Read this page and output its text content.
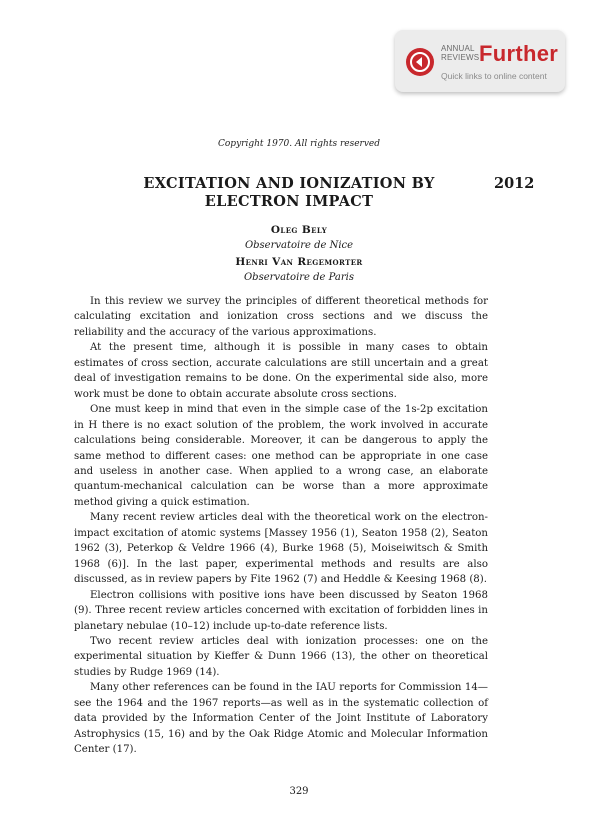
ANNUAL
REVIEWS Further
Quick links to online content
Copyright 1970. All rights reserved
EXCITATION AND IONIZATION BY
ELECTRON IMPACT
2012
Oleg Bely
Observatoire de Nice
Henri Van Regemorter
Observatoire de Paris

In this review we survey the principles of different theoretical methods for calculating excitation and ionization cross sections and we discuss the reliability and the accuracy of the various approximations.

At the present time, although it is possible in many cases to obtain estimates of cross section, accurate calculations are still uncertain and a great deal of investigation remains to be done. On the experimental side also, more work must be done to obtain accurate absolute cross sections.

One must keep in mind that even in the simple case of the 1s-2p excitation in H there is no exact solution of the problem, the work involved in accurate calculations being considerable. Moreover, it can be dangerous to apply the same method to different cases: one method can be appropriate in one case and useless in another case. When applied to a wrong case, an elaborate quantum-mechanical calculation can be worse than a more approximate method giving a quick estimation.

Many recent review articles deal with the theoretical work on the electron-impact excitation of atomic systems [Massey 1956 (1), Seaton 1958 (2), Seaton 1962 (3), Peterkop & Veldre 1966 (4), Burke 1968 (5), Moiseiwitsch & Smith 1968 (6)]. In the last paper, experimental methods and results are also discussed, as in review papers by Fite 1962 (7) and Heddle & Keesing 1968 (8).

Electron collisions with positive ions have been discussed by Seaton 1968 (9). Three recent review articles concerned with excitation of forbidden lines in planetary nebulae (10–12) include up-to-date reference lists.

Two recent review articles deal with ionization processes: one on the experimental situation by Kieffer & Dunn 1966 (13), the other on theoretical studies by Rudge 1969 (14).

Many other references can be found in the IAU reports for Commission 14—see the 1964 and the 1967 reports—as well as in the systematic collection of data provided by the Information Center of the Joint Institute of Laboratory Astrophysics (15, 16) and by the Oak Ridge Atomic and Molecular Information Center (17).

329
